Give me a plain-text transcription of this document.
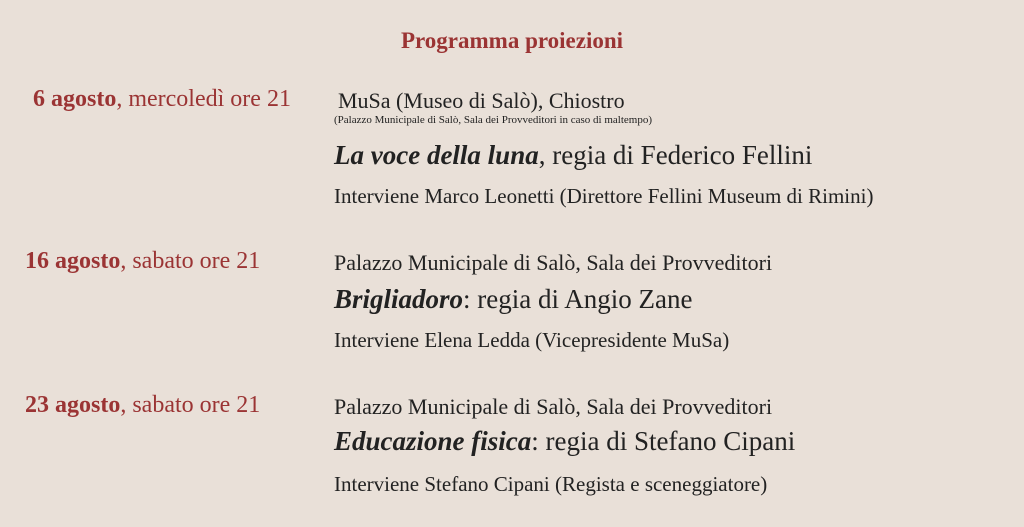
Programma proiezioni
6 agosto, mercoledì ore 21 MuSa (Museo di Salò), Chiostro
(Palazzo Municipale di Salò, Sala dei Provveditori in caso di maltempo)
La voce della luna, regia di Federico Fellini
Interviene Marco Leonetti (Direttore Fellini Museum di Rimini)
16 agosto, sabato ore 21	Palazzo Municipale di Salò, Sala dei Provveditori
Brigliadoro: regia di Angio Zane
Interviene Elena Ledda (Vicepresidente MuSa)
23 agosto, sabato ore 21	Palazzo Municipale di Salò, Sala dei Provveditori
Educazione fisica: regia di Stefano Cipani
Interviene Stefano Cipani (Regista e sceneggiatore)
